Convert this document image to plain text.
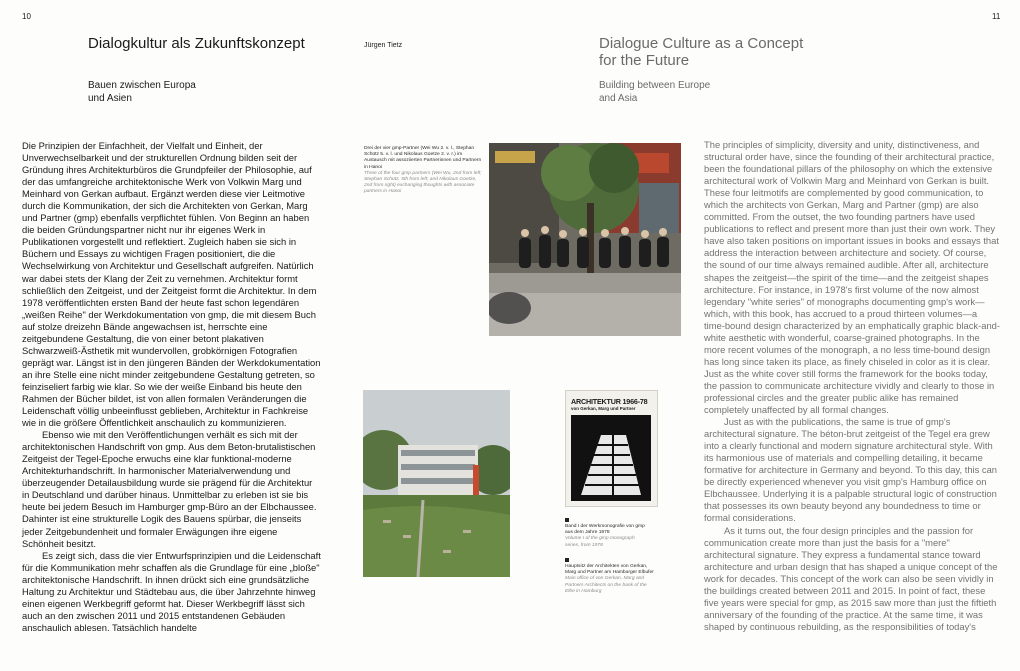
10	11
Dialogkultur als Zukunftskonzept
Bauen zwischen Europa
und Asien
Jürgen Tietz	Dialogue Culture as a Concept
for the Future
Building between Europe
and Asia

Die Prinzipien der Einfachheit, der Vielfalt und Einheit, der Unverwechselbarkeit und der strukturellen Ordnung bilden seit der Gründung ihres Architekturbüros die Grundpfeiler der Philosophie, auf der das umfangreiche architektonische Werk von Volkwin Marg und Meinhard von Gerkan aufbaut. Ergänzt werden diese vier Leitmotive durch die Kommunikation, der sich die Architekten von Gerkan, Marg und Partner (gmp) ebenfalls verpflichtet fühlen. Von Beginn an haben die beiden Gründungspartner nicht nur ihr eigenes Werk in Publikationen vorgestellt und reflektiert. Zugleich haben sie sich in Büchern und Essays zu wichtigen Fragen positioniert, die die Wechselwirkung von Architektur und Gesellschaft aufgreifen. Natürlich war dabei stets der Klang der Zeit zu vernehmen. Architektur formt schließlich den Zeitgeist, und der Zeitgeist formt die Architektur. In dem 1978 veröffentlichten ersten Band der heute fast schon legendären „weißen Reihe" der Werkdokumentation von gmp, die mit diesem Buch auf stolze dreizehn Bände angewachsen ist, herrschte eine zeitgebundene Gestaltung, die von einer betont plakativen Schwarzweiß-Ästhetik mit wundervollen, grobkörnigen Fotografien geprägt war. Längst ist in den jüngeren Bänden der Werkdokumentation an ihre Stelle eine nicht minder zeitgebundene Gestaltung getreten, so feinziseliert farbig wie klar. So wie der weiße Einband bis heute den Rahmen der Bücher bildet, ist von allen formalen Veränderungen die Leidenschaft völlig unbeeinflusst geblieben, Architektur in Fachkreise wie in die größere Öffentlichkeit anschaulich zu kommunizieren.

Ebenso wie mit den Veröffentlichungen verhält es sich mit der architektonischen Handschrift von gmp. Aus dem Beton-brutalistischen Zeitgeist der Tegel-Epoche erwuchs eine klar funktional-moderne Architekturhandschrift. In harmonischer Materialverwendung und überzeugender Detailausbildung wurde sie prägend für die Architektur in Deutschland und darüber hinaus. Unmittelbar zu erleben ist sie bis heute bei jedem Besuch im Hamburger gmp-Büro an der Elbchaussee. Dahinter ist eine strukturelle Logik des Bauens spürbar, die jenseits jeder Zeitgebundenheit und formaler Erwägungen ihre eigene Schönheit besitzt.

Es zeigt sich, dass die vier Entwurfsprinzipien und die Leidenschaft für die Kommunikation mehr schaffen als die Grundlage für eine „bloße" architektonische Handschrift. In ihnen drückt sich eine grundsätzliche Haltung zu Architektur und Städtebau aus, die über Jahrzehnte hinweg einen eigenen Werkbegriff geformt hat. Dieser Werkbegriff lässt sich auch an den zwischen 2011 und 2015 entstandenen Gebäuden anschaulich ablesen. Tatsächlich handelte

The principles of simplicity, diversity and unity, distinctiveness, and structural order have, since the founding of their architectural practice, been the foundational pillars of the philosophy on which the extensive architectural work of Volkwin Marg and Meinhard von Gerkan is built. These four leitmotifs are complemented by good communication, to which the architects von Gerkan, Marg and Partner (gmp) are also committed. From the outset, the two founding partners have used publications to reflect and present more than just their own work. They have also taken positions on important issues in books and essays that address the interaction between architecture and society. Of course, the sound of our time always remained audible. After all, architecture shapes the zeitgeist—the spirit of the time—and the zeitgeist shapes architecture. For instance, in 1978's first volume of the now almost legendary "white series" of monographs documenting gmp's work—which, with this book, has accrued to a proud thirteen volumes—a time-bound design characterized by an emphatically graphic black-and-white aesthetic with wonderful, coarse-grained photographs. In the more recent volumes of the monograph, a no less time-bound design has long since taken its place, as finely chiseled in color as it is clear. Just as the white cover still forms the framework for the books today, the passion to communicate architecture vividly and clearly to those in professional circles and the greater public alike has remained completely unaffected by all formal changes.

Just as with the publications, the same is true of gmp's architectural signature. The béton-brut zeitgeist of the Tegel era grew into a clearly functional and modern signature architectural style. With its harmonious use of materials and compelling detailing, it became formative for architecture in Germany and beyond. To this day, this can be directly experienced whenever you visit gmp's Hamburg office on Elbchaussee. Underlying it is a palpable structural logic of construction that possesses its own beauty beyond any boundedness to time or formal considerations.

As it turns out, the four design principles and the passion for communication create more than just the basis for a "mere" architectural signature. They express a fundamental stance toward architecture and urban design that has shaped a unique concept of the work for decades. This concept of the work can also be seen vividly in the buildings created between 2011 and 2015. In point of fact, these five years were special for gmp, as 2015 saw more than just the fiftieth anniversary of the founding of the practice. At the same time, it was shaped by continuous rebuilding, as the responsibilities of today's

Drei der vier gmp-Partner (Wei Wu 2. v. l., Stephan Schütz 5. v. l. und Nikolaus Goetze 2. v. r.) im Austausch mit assoziierten Partnerinnen und Partnern in Hanoi
Three of the four gmp partners (Wei Wu, 2nd from left; Stephan Schütz, 5th from left; and Nikolaus Goetze, 2nd from right) exchanging thoughts with associate partners in Hanoi
ARCHITEKTUR 1966-78
von Gerkan, Marg und Partner
Band I der Werkmonografie von gmp aus dem Jahre 1978
Volume I of the gmp monograph series, from 1978
Hauptsitz der Architekten von Gerkan, Marg und Partner am Hamburger Elbufer
Main office of von Gerkan, Marg and Partners Architects on the bank of the Elbe in Hamburg
